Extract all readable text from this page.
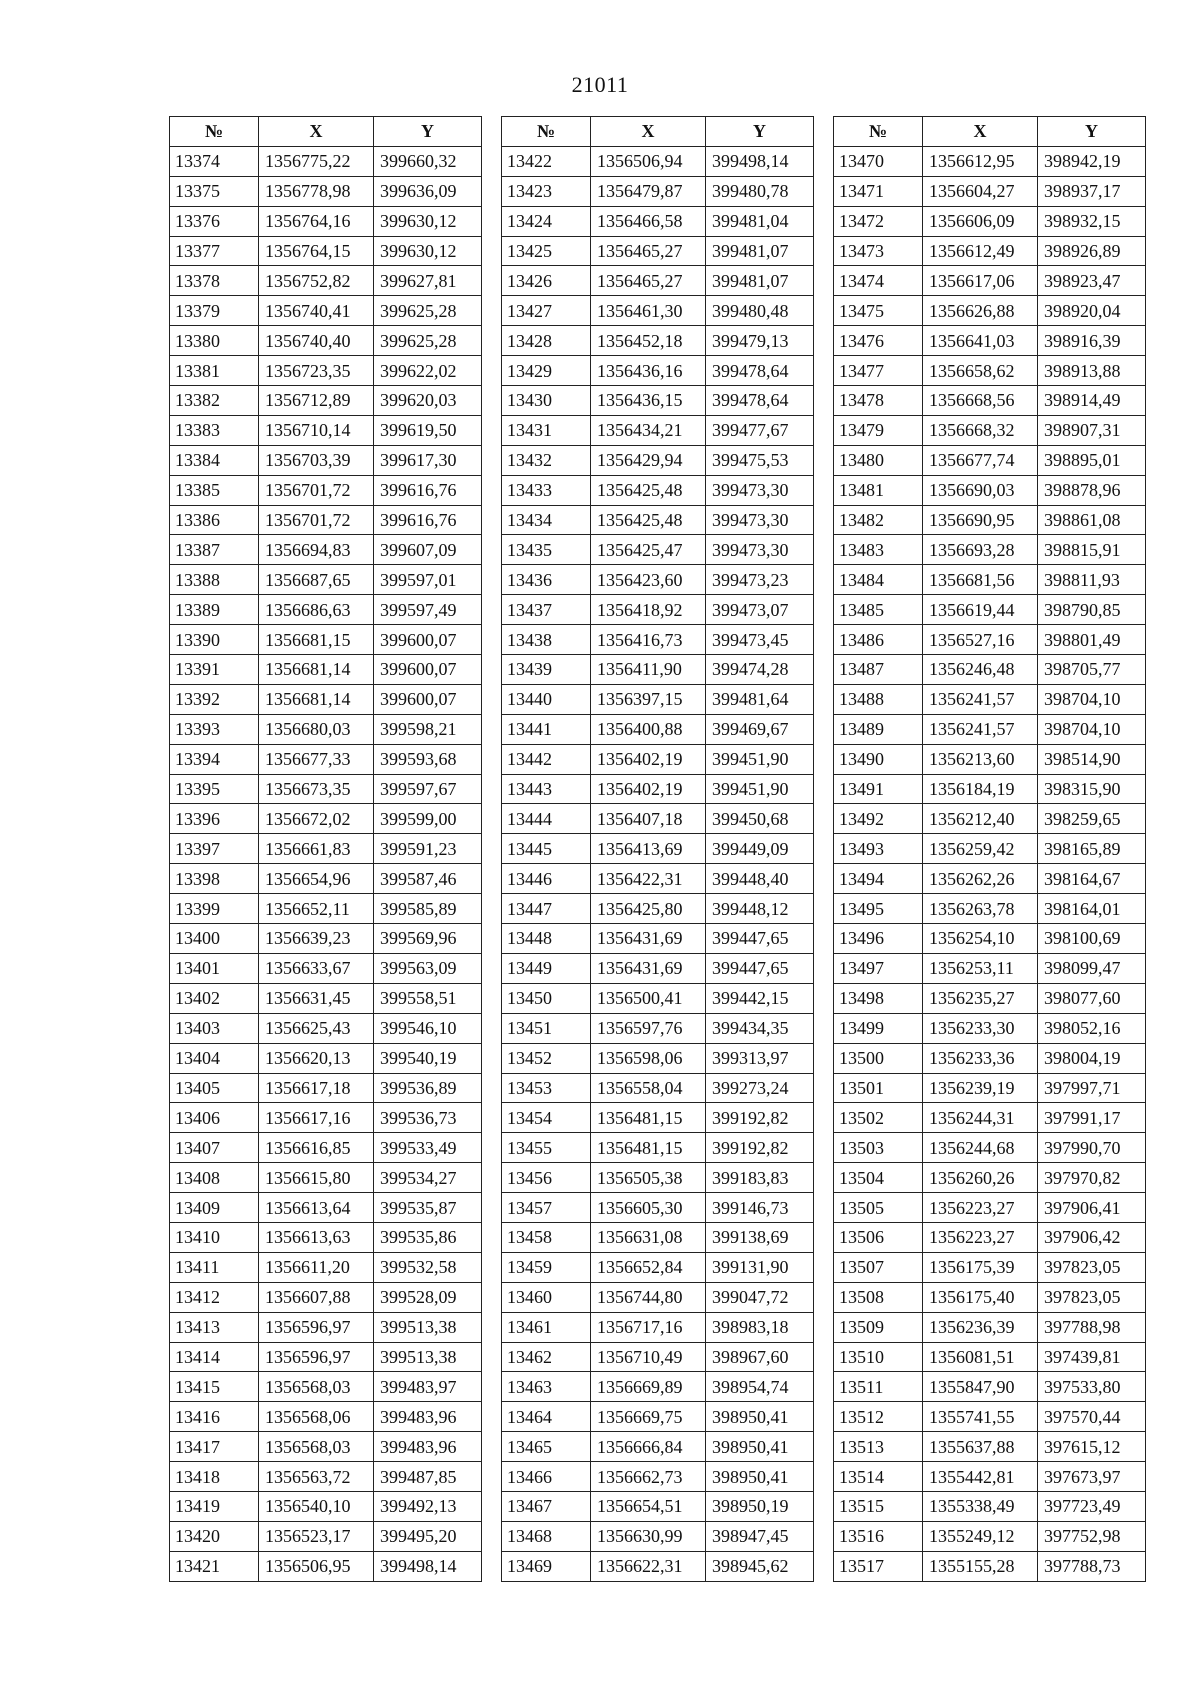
21011
№	X	Y
13374	1356775,22	399660,32
13375	1356778,98	399636,09
13376	1356764,16	399630,12
13377	1356764,15	399630,12
13378	1356752,82	399627,81
13379	1356740,41	399625,28
13380	1356740,40	399625,28
13381	1356723,35	399622,02
13382	1356712,89	399620,03
13383	1356710,14	399619,50
13384	1356703,39	399617,30
13385	1356701,72	399616,76
13386	1356701,72	399616,76
13387	1356694,83	399607,09
13388	1356687,65	399597,01
13389	1356686,63	399597,49
13390	1356681,15	399600,07
13391	1356681,14	399600,07
13392	1356681,14	399600,07
13393	1356680,03	399598,21
13394	1356677,33	399593,68
13395	1356673,35	399597,67
13396	1356672,02	399599,00
13397	1356661,83	399591,23
13398	1356654,96	399587,46
13399	1356652,11	399585,89
13400	1356639,23	399569,96
13401	1356633,67	399563,09
13402	1356631,45	399558,51
13403	1356625,43	399546,10
13404	1356620,13	399540,19
13405	1356617,18	399536,89
13406	1356617,16	399536,73
13407	1356616,85	399533,49
13408	1356615,80	399534,27
13409	1356613,64	399535,87
13410	1356613,63	399535,86
13411	1356611,20	399532,58
13412	1356607,88	399528,09
13413	1356596,97	399513,38
13414	1356596,97	399513,38
13415	1356568,03	399483,97
13416	1356568,06	399483,96
13417	1356568,03	399483,96
13418	1356563,72	399487,85
13419	1356540,10	399492,13
13420	1356523,17	399495,20
13421	1356506,95	399498,14
№	X	Y
13422	1356506,94	399498,14
13423	1356479,87	399480,78
13424	1356466,58	399481,04
13425	1356465,27	399481,07
13426	1356465,27	399481,07
13427	1356461,30	399480,48
13428	1356452,18	399479,13
13429	1356436,16	399478,64
13430	1356436,15	399478,64
13431	1356434,21	399477,67
13432	1356429,94	399475,53
13433	1356425,48	399473,30
13434	1356425,48	399473,30
13435	1356425,47	399473,30
13436	1356423,60	399473,23
13437	1356418,92	399473,07
13438	1356416,73	399473,45
13439	1356411,90	399474,28
13440	1356397,15	399481,64
13441	1356400,88	399469,67
13442	1356402,19	399451,90
13443	1356402,19	399451,90
13444	1356407,18	399450,68
13445	1356413,69	399449,09
13446	1356422,31	399448,40
13447	1356425,80	399448,12
13448	1356431,69	399447,65
13449	1356431,69	399447,65
13450	1356500,41	399442,15
13451	1356597,76	399434,35
13452	1356598,06	399313,97
13453	1356558,04	399273,24
13454	1356481,15	399192,82
13455	1356481,15	399192,82
13456	1356505,38	399183,83
13457	1356605,30	399146,73
13458	1356631,08	399138,69
13459	1356652,84	399131,90
13460	1356744,80	399047,72
13461	1356717,16	398983,18
13462	1356710,49	398967,60
13463	1356669,89	398954,74
13464	1356669,75	398950,41
13465	1356666,84	398950,41
13466	1356662,73	398950,41
13467	1356654,51	398950,19
13468	1356630,99	398947,45
13469	1356622,31	398945,62
№	X	Y
13470	1356612,95	398942,19
13471	1356604,27	398937,17
13472	1356606,09	398932,15
13473	1356612,49	398926,89
13474	1356617,06	398923,47
13475	1356626,88	398920,04
13476	1356641,03	398916,39
13477	1356658,62	398913,88
13478	1356668,56	398914,49
13479	1356668,32	398907,31
13480	1356677,74	398895,01
13481	1356690,03	398878,96
13482	1356690,95	398861,08
13483	1356693,28	398815,91
13484	1356681,56	398811,93
13485	1356619,44	398790,85
13486	1356527,16	398801,49
13487	1356246,48	398705,77
13488	1356241,57	398704,10
13489	1356241,57	398704,10
13490	1356213,60	398514,90
13491	1356184,19	398315,90
13492	1356212,40	398259,65
13493	1356259,42	398165,89
13494	1356262,26	398164,67
13495	1356263,78	398164,01
13496	1356254,10	398100,69
13497	1356253,11	398099,47
13498	1356235,27	398077,60
13499	1356233,30	398052,16
13500	1356233,36	398004,19
13501	1356239,19	397997,71
13502	1356244,31	397991,17
13503	1356244,68	397990,70
13504	1356260,26	397970,82
13505	1356223,27	397906,41
13506	1356223,27	397906,42
13507	1356175,39	397823,05
13508	1356175,40	397823,05
13509	1356236,39	397788,98
13510	1356081,51	397439,81
13511	1355847,90	397533,80
13512	1355741,55	397570,44
13513	1355637,88	397615,12
13514	1355442,81	397673,97
13515	1355338,49	397723,49
13516	1355249,12	397752,98
13517	1355155,28	397788,73
